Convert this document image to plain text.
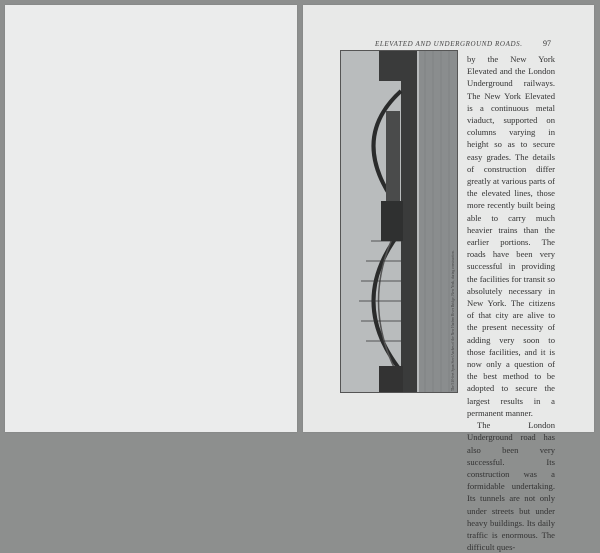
ELEVATED AND UNDERGROUND ROADS.	97
The 510-feet Span Steel Arches of the New Harlem River Bridge, New York, during construction.

by the New York Elevated and the London Underground railways. The New York Elevated is a continuous metal viaduct, supported on columns varying in height so as to secure easy grades. The details of construction differ greatly at various parts of the elevated lines, those more recently built being able to carry much heavier trains than the earlier portions. The roads have been very successful in providing the facilities for transit so absolutely necessary in New York. The citizens of that city are alive to the present necessity of adding very soon to those facilities, and it is now only a question of the best method to be adopted to secure the largest results in a permanent manner.

The London Underground road has also been very successful. Its construction was a formidable undertaking. Its tunnels are not only under streets but under heavy buildings. Its daily traffic is enormous. The difficult ques-
